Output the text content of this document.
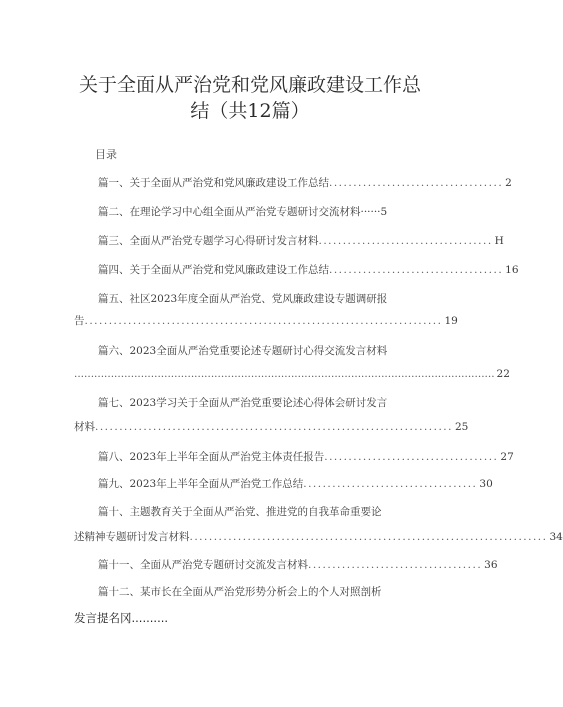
关于全面从严治党和党风廉政建设工作总
结（共12篇）
目录
篇一、关于全面从严治党和党风廉政建设工作总结 .................................... 2
篇二、在理论学习中心组全面从严治党专题研讨交流材料······5
篇三、全面从严治党专题学习心得研讨发言材料 .................................... H
篇四、关于全面从严治党和党风廉政建设工作总结 .................................... 16
篇五、社区2023年度全面从严治党、党风廉政建设专题调研报
告 .......................................................................... 19
篇六、2023全面从严治党重要论述专题研讨心得交流发言材料
.............................................................................................................................. 22
篇七、2023学习关于全面从严治党重要论述心得体会研讨发言
材料 .......................................................................... 25
篇八、2023年上半年全面从严治党主体责任报告 .................................... 27
篇九、2023年上半年全面从严治党工作总结 .................................... 30
篇十、主题教育关于全面从严治党、推进党的自我革命重要论
述精神专题研讨发言材料 .......................................................................... 34
篇十一、全面从严治党专题研讨交流发言材料 .................................... 36
篇十二、某市长在全面从严治党形势分析会上的个人对照剖析
发言提名冈..........
